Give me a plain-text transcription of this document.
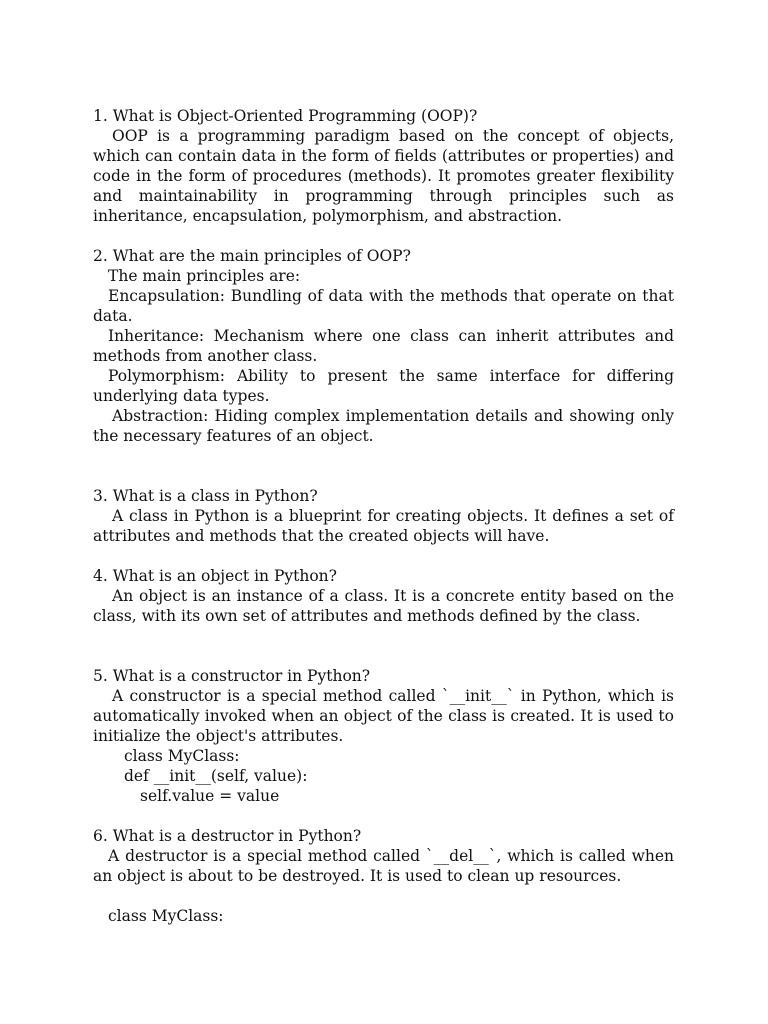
1. What is Object-Oriented Programming (OOP)?

OOP is a programming paradigm based on the concept of objects, which can contain data in the form of fields (attributes or properties) and code in the form of procedures (methods). It promotes greater flexibility and maintainability in programming through principles such as inheritance, encapsulation, polymorphism, and abstraction.

2. What are the main principles of OOP?

The main principles are:

Encapsulation: Bundling of data with the methods that operate on that data.

Inheritance: Mechanism where one class can inherit attributes and methods from another class.

Polymorphism: Ability to present the same interface for differing underlying data types.

Abstraction: Hiding complex implementation details and showing only the necessary features of an object.

3. What is a class in Python?

A class in Python is a blueprint for creating objects. It defines a set of attributes and methods that the created objects will have.

4. What is an object in Python?

An object is an instance of a class. It is a concrete entity based on the class, with its own set of attributes and methods defined by the class.

5. What is a constructor in Python?

A constructor is a special method called `__init__` in Python, which is automatically invoked when an object of the class is created. It is used to initialize the object's attributes.

class MyClass:

def __init__(self, value):

self.value = value

6. What is a destructor in Python?

A destructor is a special method called `__del__`, which is called when an object is about to be destroyed. It is used to clean up resources.

class MyClass:
